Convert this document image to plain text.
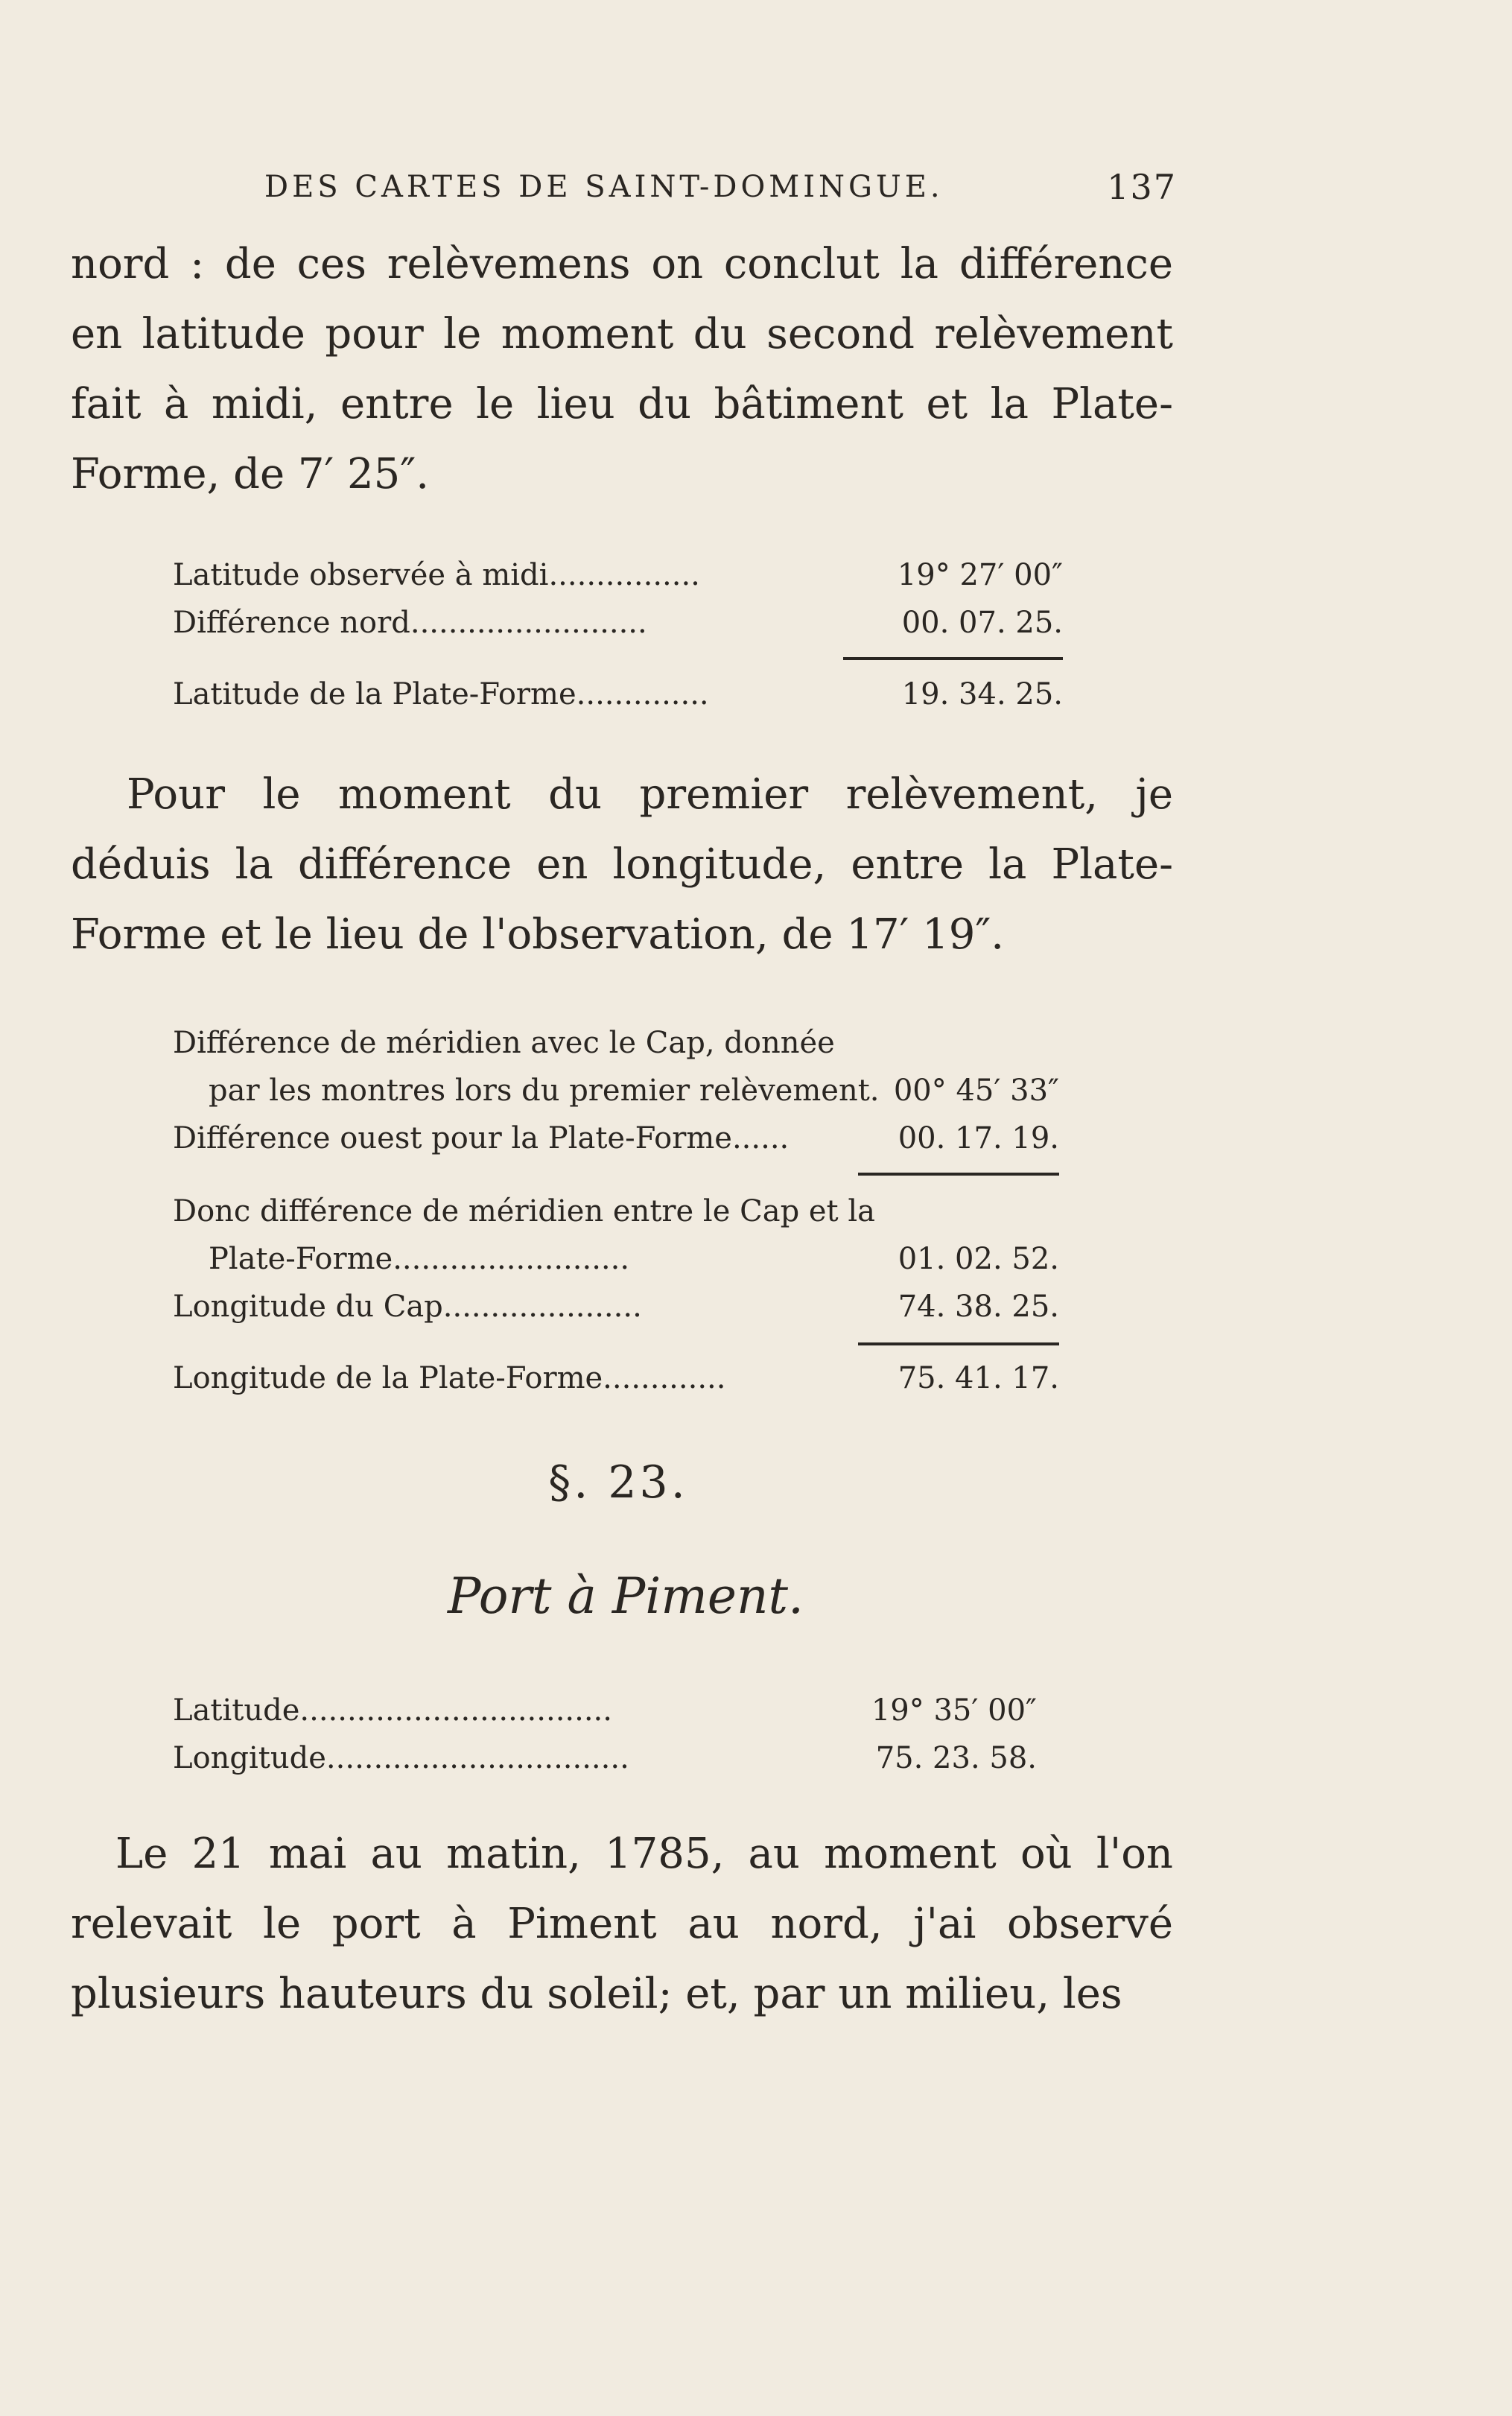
DES CARTES DE SAINT-DOMINGUE.	137

nord : de ces relèvemens on conclut la différence en latitude pour le moment du second relèvement fait à midi, entre le lieu du bâtiment et la Plate-Forme, de 7′ 25″.

Latitude observée à midi................	19° 27′ 00″
Différence nord.........................	00. 07. 25.
Latitude de la Plate-Forme..............	19. 34. 25.

Pour le moment du premier relèvement, je déduis la différence en longitude, entre la Plate-Forme et le lieu de l'observation, de 17′ 19″.

Différence de méridien avec le Cap, donnée
par les montres lors du premier relèvement. 00° 45′ 33″
Différence ouest pour la Plate-Forme......	00. 17. 19.
Donc différence de méridien entre le Cap et la
Plate-Forme.........................	01. 02. 52.
Longitude du Cap.....................	74. 38. 25.
Longitude de la Plate-Forme.............	75. 41. 17.
§. 23.
Port à Piment.
Latitude.................................	19° 35′ 00″
Longitude................................	75. 23. 58.

Le 21 mai au matin, 1785, au moment où l'on relevait le port à Piment au nord, j'ai observé plusieurs hauteurs du soleil; et, par un milieu, les
